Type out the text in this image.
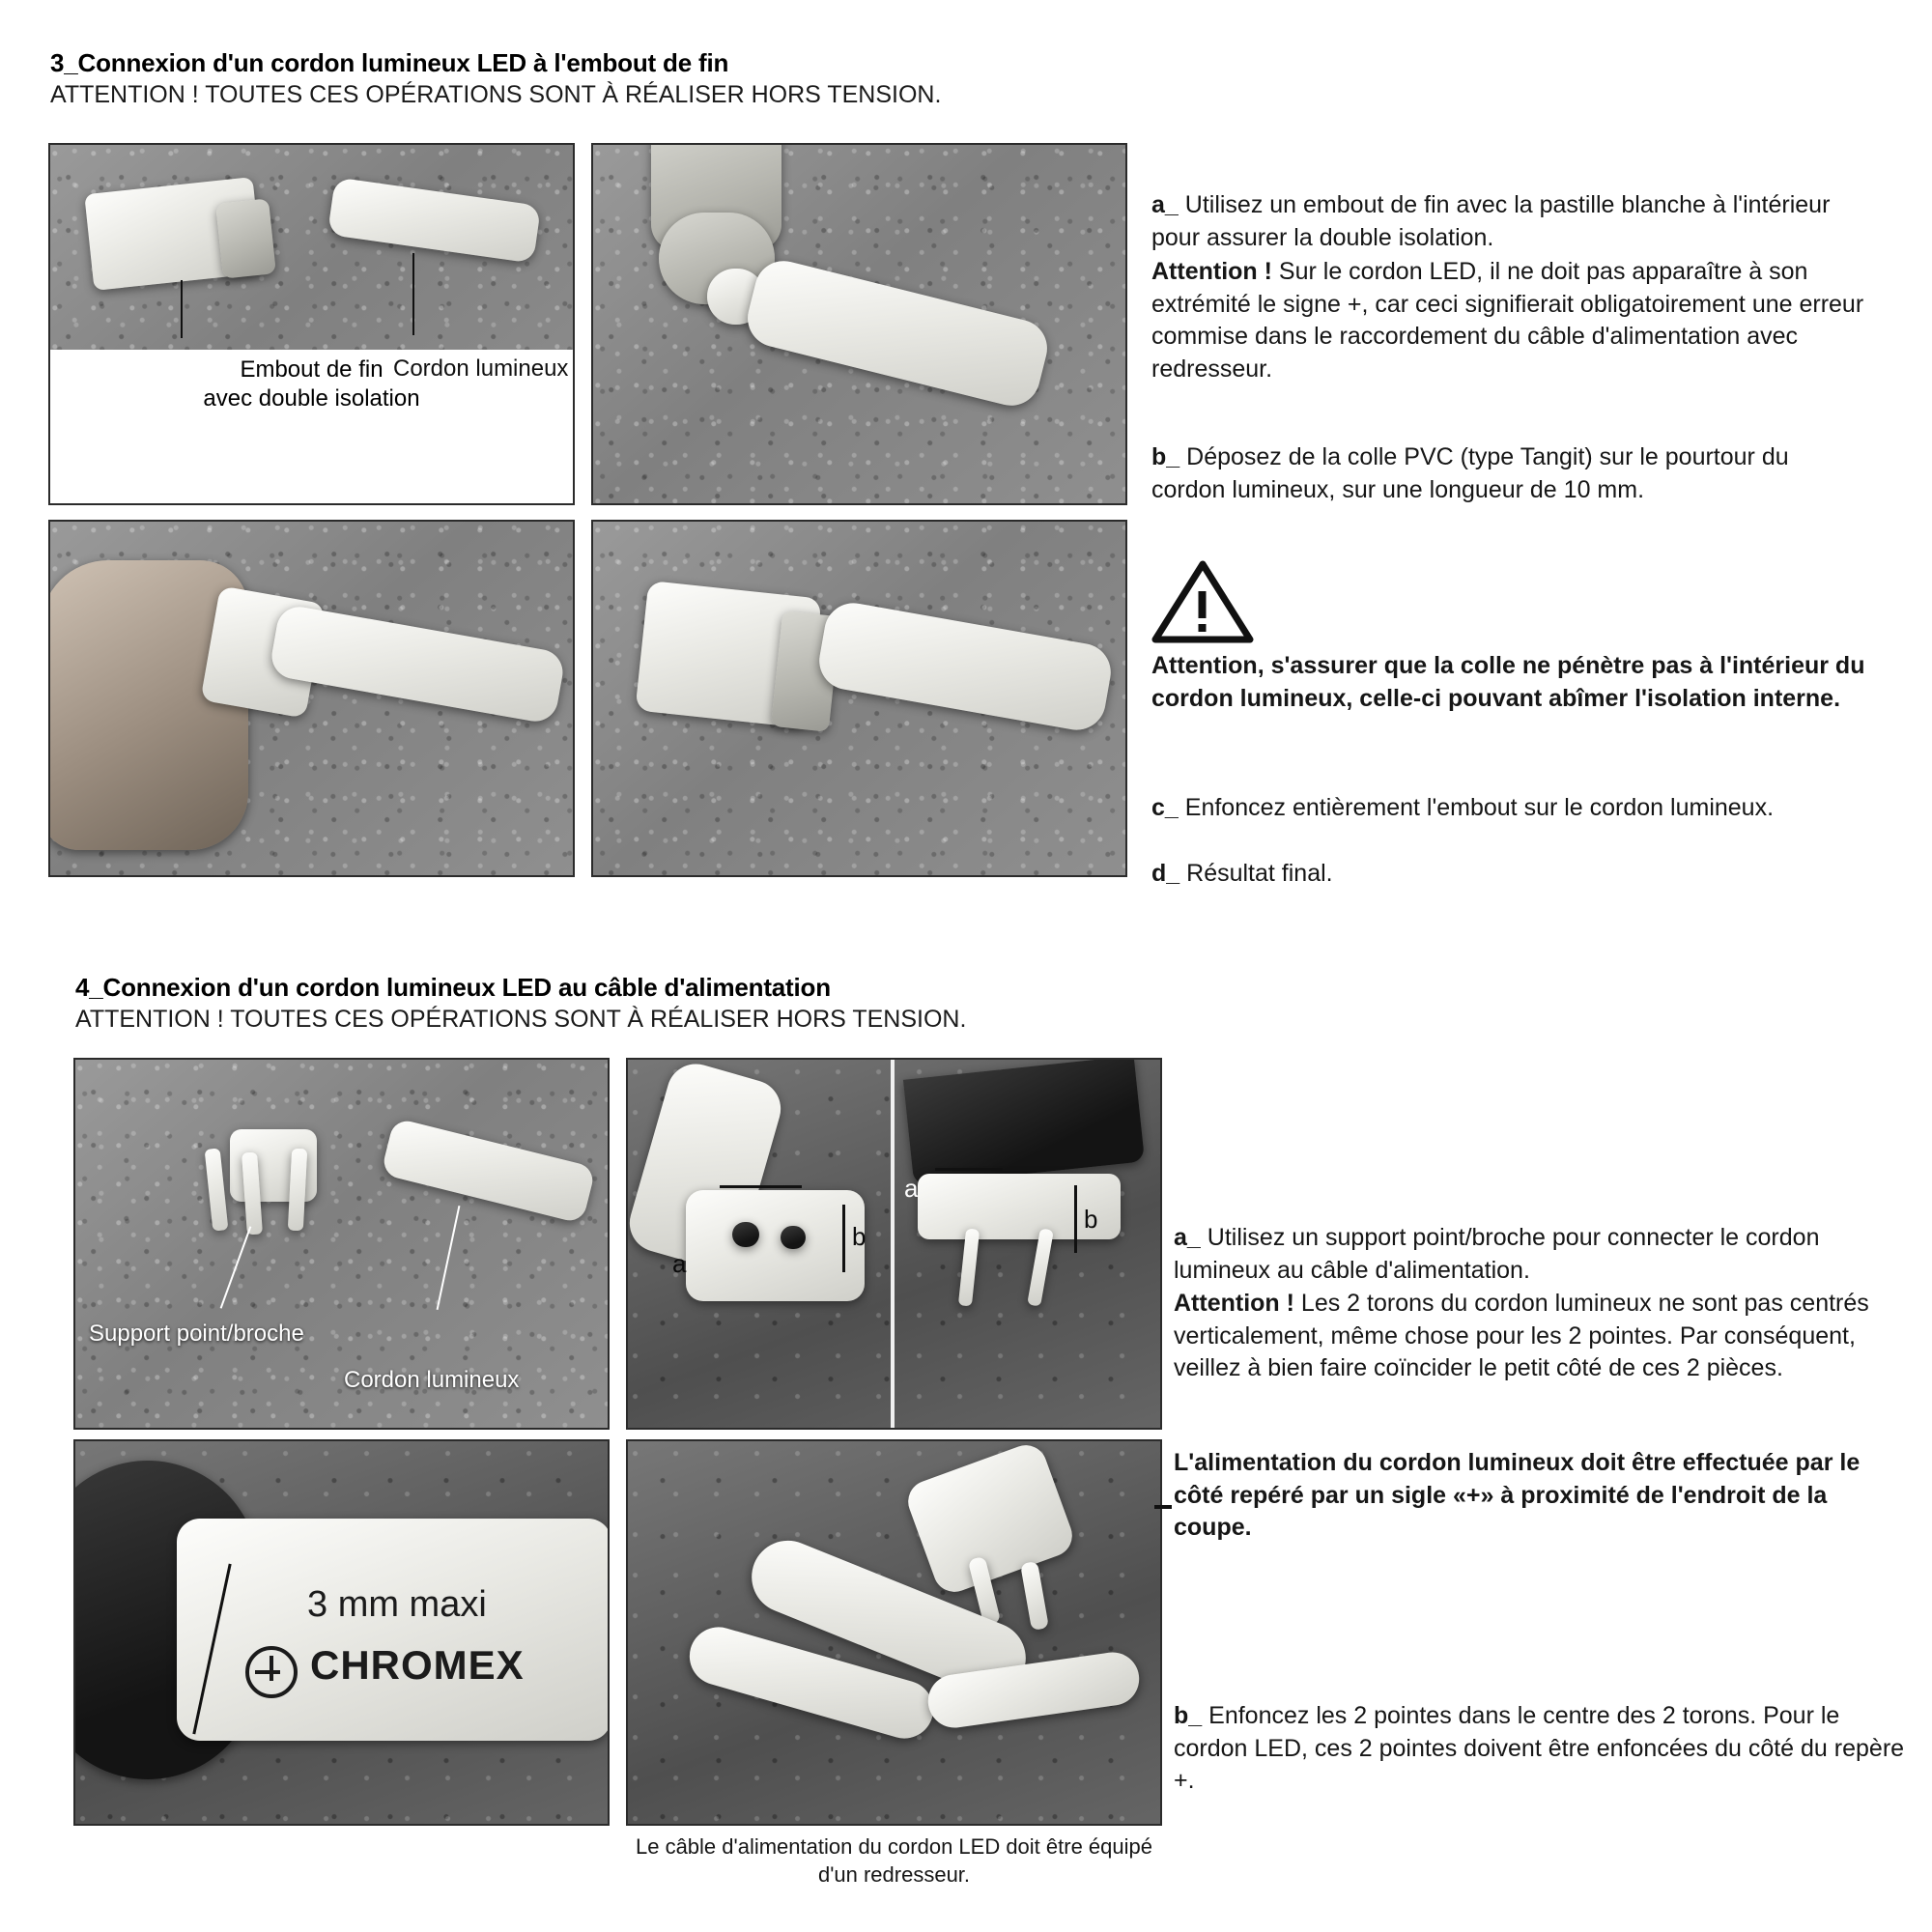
3_Connexion d'un cordon lumineux LED à l'embout de fin
ATTENTION ! TOUTES CES OPÉRATIONS SONT À RÉALISER HORS TENSION.
Embout de fin
avec double isolation
Cordon lumineux
a_ Utilisez un embout de fin avec la pastille blanche à l'intérieur pour assurer la double isolation.
Attention ! Sur le cordon LED, il ne doit pas apparaître à son extrémité le signe +, car ceci signifierait obligatoirement une erreur commise dans le raccordement du câble d'alimentation avec redresseur.
b_ Déposez de la colle PVC (type Tangit) sur le pourtour du cordon lumineux, sur une longueur de 10 mm.
Attention, s'assurer que la colle ne pénètre pas à l'intérieur du cordon lumineux, celle-ci pouvant abîmer l'isolation interne.
c_ Enfoncez entièrement l'embout sur le cordon lumineux.
d_ Résultat final.
4_Connexion d'un cordon lumineux LED au câble d'alimentation
ATTENTION ! TOUTES CES OPÉRATIONS SONT À RÉALISER HORS TENSION.
Support point/broche
Cordon lumineux
a
b
a
b
3 mm maxi
CHROMEX
Le câble d'alimentation du cordon LED doit être équipé d'un redresseur.
a_ Utilisez un support point/broche pour connecter le cordon lumineux au câble d'alimentation.
Attention ! Les 2 torons du cordon lumineux ne sont pas centrés verticalement, même chose pour les 2 pointes. Par conséquent, veillez à bien faire coïncider le petit côté de ces 2 pièces.
L'alimentation du cordon lumineux doit être effectuée par le côté repéré par un sigle «+» à proximité de l'endroit de la coupe.
b_ Enfoncez les 2 pointes dans le centre des 2 torons. Pour le cordon LED, ces 2 pointes doivent être enfoncées du côté du repère +.
